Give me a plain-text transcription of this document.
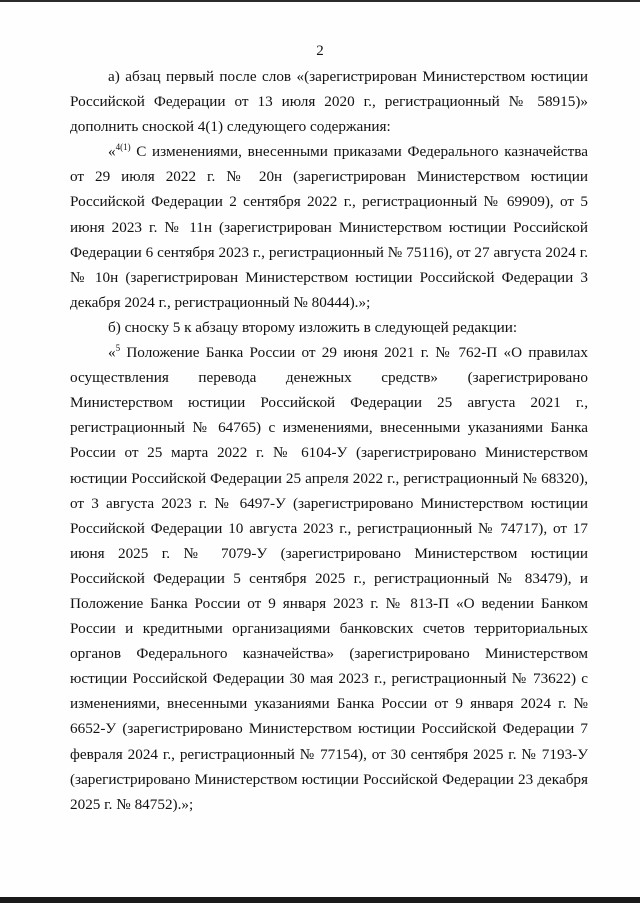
2

а) абзац первый после слов «(зарегистрирован Министерством юстиции Российской Федерации от 13 июля 2020 г., регистрационный № 58915)» дополнить сноской 4(1) следующего содержания:

«$^{4(1)}$ С изменениями, внесенными приказами Федерального казначейства от 29 июля 2022 г. № 20н (зарегистрирован Министерством юстиции Российской Федерации 2 сентября 2022 г., регистрационный № 69909), от 5 июня 2023 г. № 11н (зарегистрирован Министерством юстиции Российской Федерации 6 сентября 2023 г., регистрационный № 75116), от 27 августа 2024 г. № 10н (зарегистрирован Министерством юстиции Российской Федерации 3 декабря 2024 г., регистрационный № 80444).»;

б) сноску 5 к абзацу второму изложить в следующей редакции:

«$^5$ Положение Банка России от 29 июня 2021 г. № 762-П «О правилах осуществления перевода денежных средств» (зарегистрировано Министерством юстиции Российской Федерации 25 августа 2021 г., регистрационный № 64765) с изменениями, внесенными указаниями Банка России от 25 марта 2022 г. № 6104-У (зарегистрировано Министерством юстиции Российской Федерации 25 апреля 2022 г., регистрационный № 68320), от 3 августа 2023 г. № 6497-У (зарегистрировано Министерством юстиции Российской Федерации 10 августа 2023 г., регистрационный № 74717), от 17 июня 2025 г. № 7079-У (зарегистрировано Министерством юстиции Российской Федерации 5 сентября 2025 г., регистрационный № 83479), и Положение Банка России от 9 января 2023 г. № 813-П «О ведении Банком России и кредитными организациями банковских счетов территориальных органов Федерального казначейства» (зарегистрировано Министерством юстиции Российской Федерации 30 мая 2023 г., регистрационный № 73622) с изменениями, внесенными указаниями Банка России от 9 января 2024 г. № 6652-У (зарегистрировано Министерством юстиции Российской Федерации 7 февраля 2024 г., регистрационный № 77154), от 30 сентября 2025 г. № 7193-У (зарегистрировано Министерством юстиции Российской Федерации 23 декабря 2025 г. № 84752).»;
